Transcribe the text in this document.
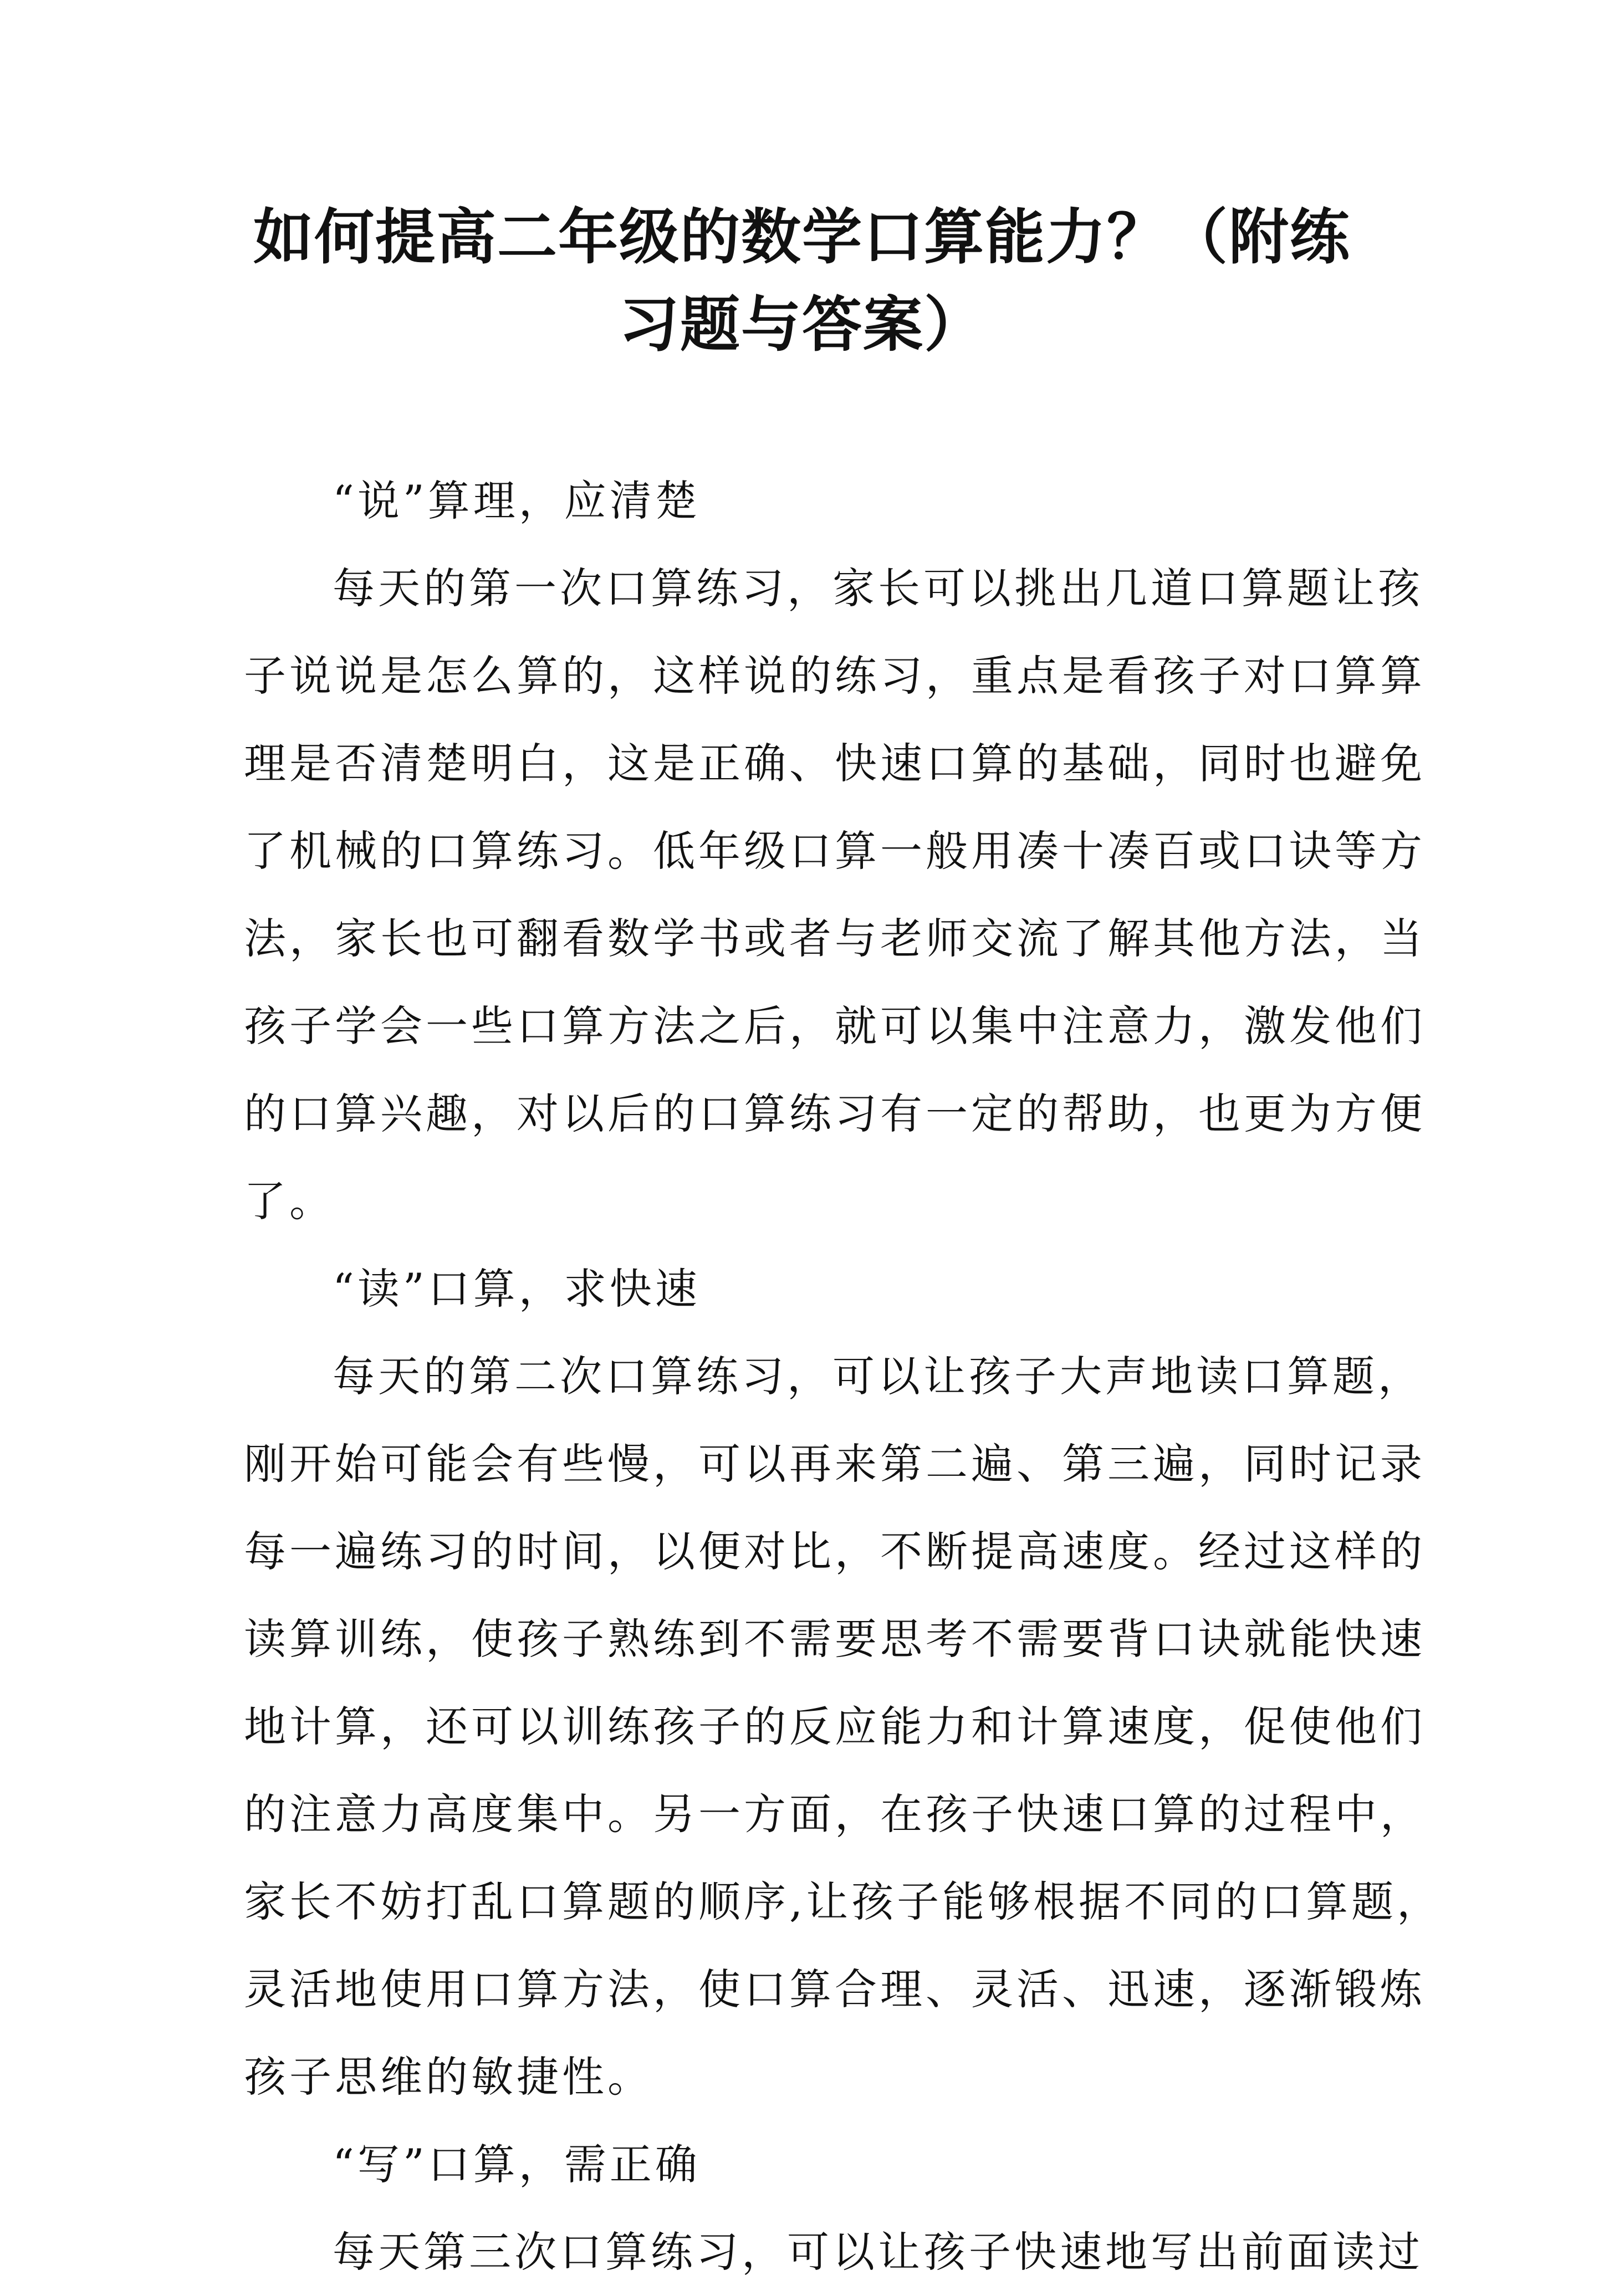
如何提高二年级的数学口算能力？（附练
习题与答案）
“说”算理，应清楚
每天的第一次口算练习，家长可以挑出几道口算题让孩
子说说是怎么算的，这样说的练习，重点是看孩子对口算算
理是否清楚明白，这是正确、快速口算的基础，同时也避免
了机械的口算练习。低年级口算一般用凑十凑百或口诀等方
法，家长也可翻看数学书或者与老师交流了解其他方法，当
孩子学会一些口算方法之后，就可以集中注意力，激发他们
的口算兴趣，对以后的口算练习有一定的帮助，也更为方便
了。
“读”口算，求快速
每天的第二次口算练习，可以让孩子大声地读口算题，
刚开始可能会有些慢，可以再来第二遍、第三遍，同时记录
每一遍练习的时间，以便对比，不断提高速度。经过这样的
读算训练，使孩子熟练到不需要思考不需要背口诀就能快速
地计算，还可以训练孩子的反应能力和计算速度，促使他们
的注意力高度集中。另一方面，在孩子快速口算的过程中，
家长不妨打乱口算题的顺序,让孩子能够根据不同的口算题，
灵活地使用口算方法，使口算合理、灵活、迅速，逐渐锻炼
孩子思维的敏捷性。
“写”口算，需正确
每天第三次口算练习，可以让孩子快速地写出前面读过
